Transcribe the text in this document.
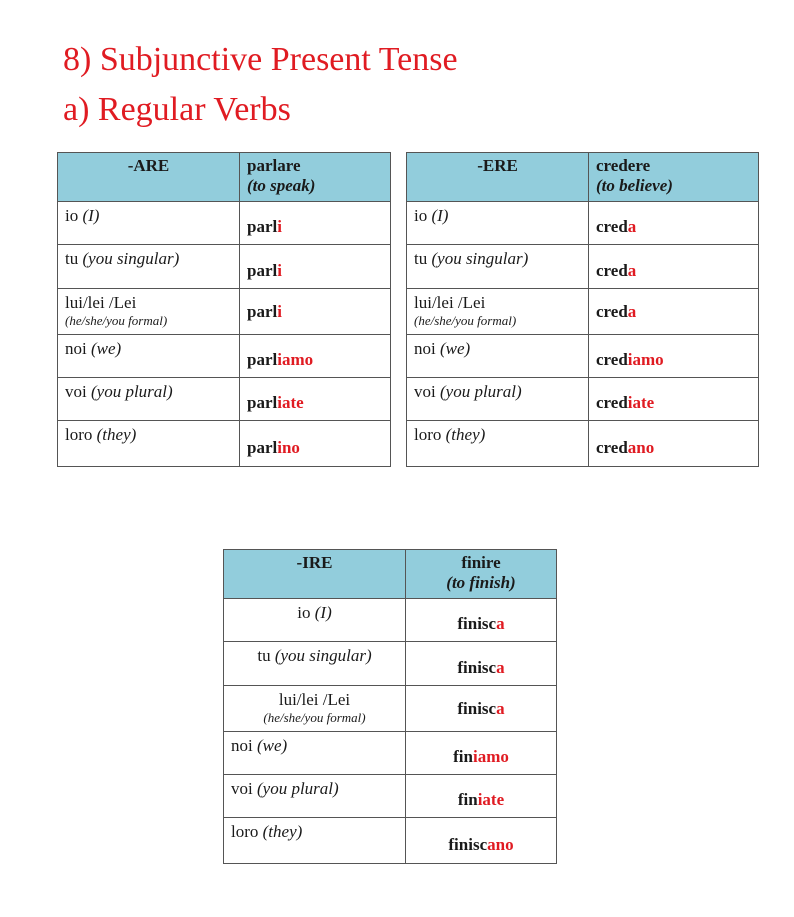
8) Subjunctive Present Tense
a) Regular Verbs
-ARE	parlare
(to speak)
io (I)	parli
tu (you singular)	parli
lui/lei /Lei
(he/she/you formal)	parli
noi (we)	parliamo
voi (you plural)	parliate
loro (they)	parlino
-ERE	credere
(to believe)
io (I)	creda
tu (you singular)	creda
lui/lei /Lei
(he/she/you formal)	creda
noi (we)	crediamo
voi (you plural)	crediate
loro (they)	credano
-IRE	finire
(to finish)
io (I)	finisca
tu (you singular)	finisca
lui/lei /Lei
(he/she/you formal)	finisca
noi (we)	finiamo
voi (you plural)	finiate
loro (they)	finiscano
